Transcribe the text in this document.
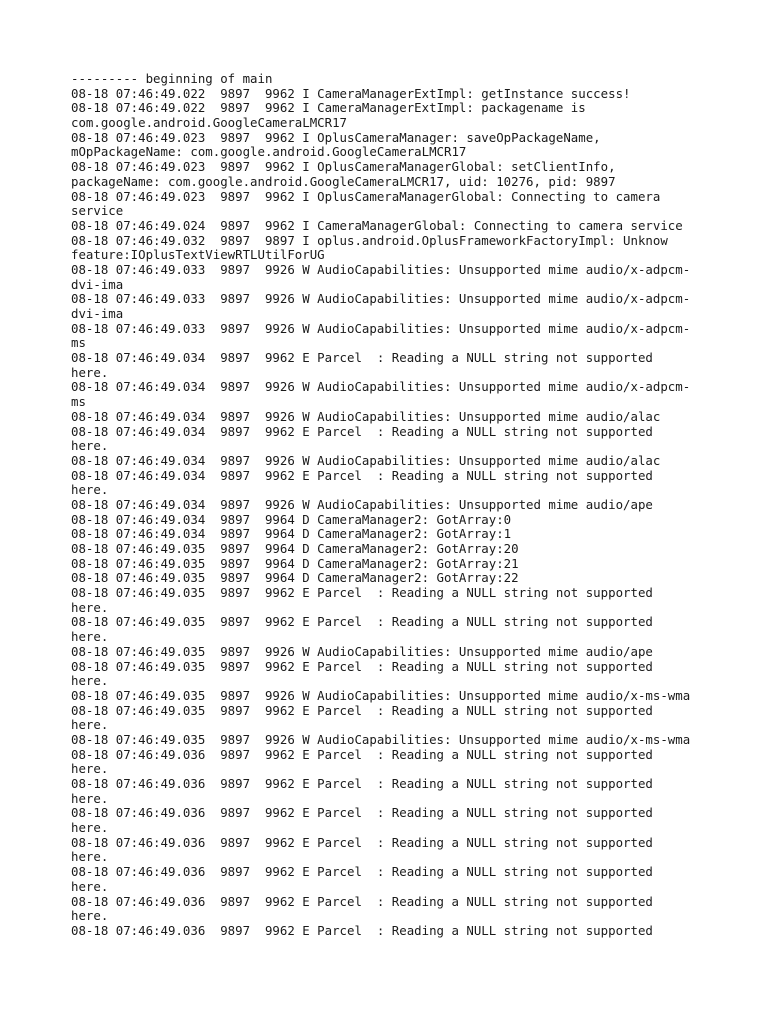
--------- beginning of main
08-18 07:46:49.022  9897  9962 I CameraManagerExtImpl: getInstance success!
08-18 07:46:49.022  9897  9962 I CameraManagerExtImpl: packagename is
com.google.android.GoogleCameraLMCR17
08-18 07:46:49.023  9897  9962 I OplusCameraManager: saveOpPackageName,
mOpPackageName: com.google.android.GoogleCameraLMCR17
08-18 07:46:49.023  9897  9962 I OplusCameraManagerGlobal: setClientInfo,
packageName: com.google.android.GoogleCameraLMCR17, uid: 10276, pid: 9897
08-18 07:46:49.023  9897  9962 I OplusCameraManagerGlobal: Connecting to camera
service
08-18 07:46:49.024  9897  9962 I CameraManagerGlobal: Connecting to camera service
08-18 07:46:49.032  9897  9897 I oplus.android.OplusFrameworkFactoryImpl: Unknow
feature:IOplusTextViewRTLUtilForUG
08-18 07:46:49.033  9897  9926 W AudioCapabilities: Unsupported mime audio/x-adpcm-
dvi-ima
08-18 07:46:49.033  9897  9926 W AudioCapabilities: Unsupported mime audio/x-adpcm-
dvi-ima
08-18 07:46:49.033  9897  9926 W AudioCapabilities: Unsupported mime audio/x-adpcm-
ms
08-18 07:46:49.034  9897  9962 E Parcel  : Reading a NULL string not supported
here.
08-18 07:46:49.034  9897  9926 W AudioCapabilities: Unsupported mime audio/x-adpcm-
ms
08-18 07:46:49.034  9897  9926 W AudioCapabilities: Unsupported mime audio/alac
08-18 07:46:49.034  9897  9962 E Parcel  : Reading a NULL string not supported
here.
08-18 07:46:49.034  9897  9926 W AudioCapabilities: Unsupported mime audio/alac
08-18 07:46:49.034  9897  9962 E Parcel  : Reading a NULL string not supported
here.
08-18 07:46:49.034  9897  9926 W AudioCapabilities: Unsupported mime audio/ape
08-18 07:46:49.034  9897  9964 D CameraManager2: GotArray:0
08-18 07:46:49.034  9897  9964 D CameraManager2: GotArray:1
08-18 07:46:49.035  9897  9964 D CameraManager2: GotArray:20
08-18 07:46:49.035  9897  9964 D CameraManager2: GotArray:21
08-18 07:46:49.035  9897  9964 D CameraManager2: GotArray:22
08-18 07:46:49.035  9897  9962 E Parcel  : Reading a NULL string not supported
here.
08-18 07:46:49.035  9897  9962 E Parcel  : Reading a NULL string not supported
here.
08-18 07:46:49.035  9897  9926 W AudioCapabilities: Unsupported mime audio/ape
08-18 07:46:49.035  9897  9962 E Parcel  : Reading a NULL string not supported
here.
08-18 07:46:49.035  9897  9926 W AudioCapabilities: Unsupported mime audio/x-ms-wma
08-18 07:46:49.035  9897  9962 E Parcel  : Reading a NULL string not supported
here.
08-18 07:46:49.035  9897  9926 W AudioCapabilities: Unsupported mime audio/x-ms-wma
08-18 07:46:49.036  9897  9962 E Parcel  : Reading a NULL string not supported
here.
08-18 07:46:49.036  9897  9962 E Parcel  : Reading a NULL string not supported
here.
08-18 07:46:49.036  9897  9962 E Parcel  : Reading a NULL string not supported
here.
08-18 07:46:49.036  9897  9962 E Parcel  : Reading a NULL string not supported
here.
08-18 07:46:49.036  9897  9962 E Parcel  : Reading a NULL string not supported
here.
08-18 07:46:49.036  9897  9962 E Parcel  : Reading a NULL string not supported
here.
08-18 07:46:49.036  9897  9962 E Parcel  : Reading a NULL string not supported
